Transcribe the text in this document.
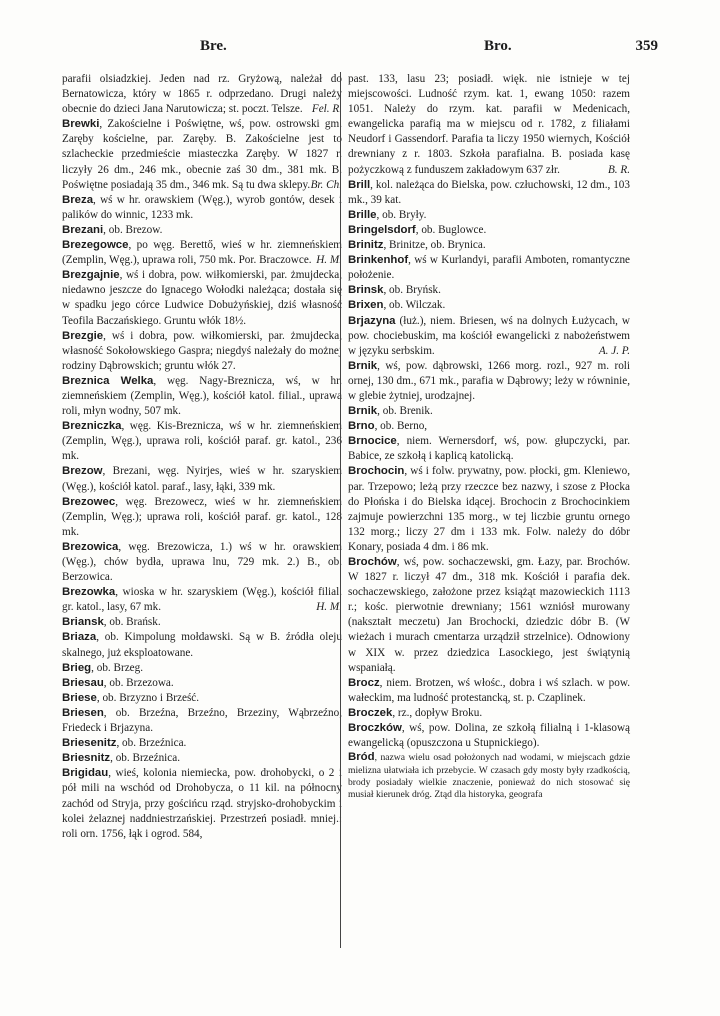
Bre.	Bro.	359

parafii olsiadzkiej. Jeden nad rz. Gryżową, należał do Bernatowicza, który w 1865 r. odprzedano. Drugi należy obecnie do dzieci Jana Narutowicza; st. poczt. Telsze. Fel. R.

Brewki, Zakościelne i Poświętne, wś, pow. ostrowski gm. Zaręby kościelne, par. Zaręby. B. Zakościelne jest to szlacheckie przedmieście miasteczka Zaręby. W 1827 r. liczyły 26 dm., 246 mk., obecnie zaś 30 dm., 381 mk. B. Poświętne posiadają 35 dm., 346 mk. Są tu dwa sklepy. Br. Ch.

Breza, wś w hr. orawskiem (Węg.), wyrob gontów, desek i palików do winnic, 1233 mk.

Brezani, ob. Brezow.

Brezegowce, po węg. Berettő, wieś w hr. ziemneńskiem (Zemplin, Węg.), uprawa roli, 750 mk. Por. Braczowce. H. M.

Brezgajnie, wś i dobra, pow. wiłkomierski, par. żmujdecka, niedawno jeszcze do Ignacego Wołodki należąca; dostała się w spadku jego córce Ludwice Dobużyńskiej, dziś własność Teofila Baczańskiego. Gruntu włók 18½.

Brezgie, wś i dobra, pow. wiłkomierski, par. żmujdecka, własność Sokołowskiego Gaspra; niegdyś należały do możnej rodziny Dąbrowskich; gruntu włók 27.

Breznica Welka, węg. Nagy-Breznicza, wś, w hr. ziemneńskiem (Zemplin, Węg.), kościół katol. filial., uprawa roli, młyn wodny, 507 mk.

Brezniczka, węg. Kis-Breznicza, wś w hr. ziemneńskiem (Zemplin, Węg.), uprawa roli, kościół paraf. gr. katol., 236 mk.

Brezow, Brezani, węg. Nyirjes, wieś w hr. szaryskiem (Węg.), kościół katol. paraf., lasy, łąki, 339 mk.

Brezowec, węg. Brezowecz, wieś w hr. ziemneńskiem (Zemplin, Węg.); uprawa roli, kościół paraf. gr. katol., 128 mk.

Brezowica, węg. Brezowicza, 1.) wś w hr. orawskiem (Węg.), chów bydła, uprawa lnu, 729 mk. 2.) B., ob. Berzowica.

Brezowka, wioska w hr. szaryskiem (Węg.), kościół filial. gr. katol., lasy, 67 mk.	H. M.

Briansk, ob. Brańsk.

Briaza, ob. Kimpolung mołdawski. Są w B. źródła oleju skalnego, już eksploatowane.

Brieg, ob. Brzeg.

Briesau, ob. Brzezowa.

Briese, ob. Brzyzno i Brześć.

Briesen, ob. Brzeźna, Brzeźno, Brzeziny, Wąbrzeźno, Friedeck i Brjazyna.

Briesenitz, ob. Brzeźnica.

Briesnitz, ob. Brzeźnica.

Brigidau, wieś, kolonia niemiecka, pow. drohobycki, o 2 i pół mili na wschód od Drohobycza, o 11 kil. na północny zachód od Stryja, przy gościńcu rząd. stryjsko-drohobyckim i kolei żelaznej naddniestrzańskiej. Przestrzeń posiadł. mniej.: roli orn. 1756, łąk i ogrod. 584,

past. 133, lasu 23; posiadł. więk. nie istnieje w tej miejscowości. Ludność rzym. kat. 1, ewang 1050: razem 1051. Należy do rzym. kat. parafii w Medenicach, ewangelicka parafią ma w miejscu od r. 1782, z filiałami Neudorf i Gassendorf. Parafia ta liczy 1950 wiernych, Kościół drewniany z r. 1803. Szkoła parafialna. B. posiada kasę pożyczkową z funduszem zakładowym 637 złr.	B. R.

Brill, kol. należąca do Bielska, pow. człuchowski, 12 dm., 103 mk., 39 kat.

Brille, ob. Bryły.

Bringelsdorf, ob. Buglowce.

Brinitz, Brinitze, ob. Brynica.

Brinkenhof, wś w Kurlandyi, parafii Amboten, romantyczne położenie.

Brinsk, ob. Bryńsk.

Brixen, ob. Wilczak.

Brjazyna (łuż.), niem. Briesen, wś na dolnych Łużycach, w pow. chociebuskim, ma kościół ewangelicki z nabożeństwem w języku serbskim.	A. J. P.

Brnik, wś, pow. dąbrowski, 1266 morg. rozl., 927 m. roli ornej, 130 dm., 671 mk., parafia w Dąbrowy; leży w równinie, w glebie żytniej, urodzajnej.

Brnik, ob. Brenik.

Brno, ob. Berno,

Brnocice, niem. Wernersdorf, wś, pow. głupczycki, par. Babice, ze szkołą i kaplicą katolicką.

Brochocin, wś i folw. prywatny, pow. płocki, gm. Kleniewo, par. Trzepowo; leżą przy rzeczce bez nazwy, i szose z Płocka do Płońska i do Bielska idącej. Brochocin z Brochocinkiem zajmuje powierzchni 135 morg., w tej liczbie gruntu ornego 132 morg.; liczy 27 dm i 133 mk. Folw. należy do dóbr Konary, posiada 4 dm. i 86 mk.

Brochów, wś, pow. sochaczewski, gm. Łazy, par. Brochów. W 1827 r. liczył 47 dm., 318 mk. Kościół i parafia dek. sochaczewskiego, założone przez książąt mazowieckich 1113 r.; kośc. pierwotnie drewniany; 1561 wzniósł murowany (nakształt meczetu) Jan Brochocki, dziedzic dóbr B. (W wieżach i murach cmentarza urządził strzelnice). Odnowiony w XIX w. przez dziedzica Lasockiego, jest świątynią wspaniałą.

Brocz, niem. Brotzen, wś włośc., dobra i wś szlach. w pow. wałeckim, ma ludność protestancką, st. p. Czaplinek.

Broczek, rz., dopływ Broku.

Broczków, wś, pow. Dolina, ze szkołą filialną i 1-klasową ewangelicką (opuszczona u Stupnickiego).

Bród, nazwa wielu osad położonych nad wodami, w miejscach gdzie mielizna ułatwiała ich przebycie. W czasach gdy mosty były rzadkością, brody posiadały wielkie znaczenie, ponieważ do nich stosować się musiał kierunek dróg. Ztąd dla historyka, geografa
